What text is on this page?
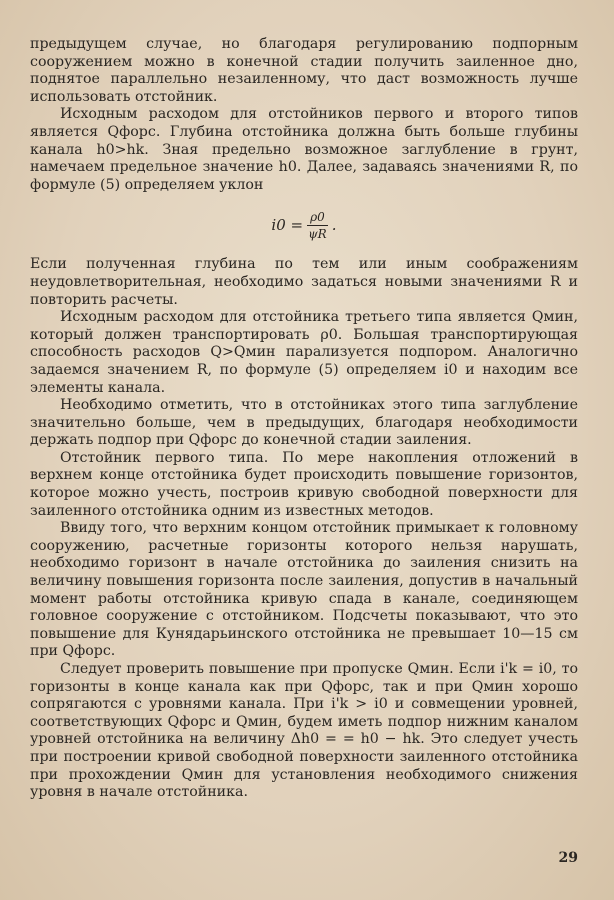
предыдущем случае, но благодаря регулированию подпорным сооружением можно в конечной стадии получить заиленное дно, поднятое параллельно незаиленному, что даст возможность лучше использовать отстойник.

Исходным расходом для отстойников первого и второго типов является Qфорс. Глубина отстойника должна быть больше глубины канала h0>hk. Зная предельно возможное заглубление в грунт, намечаем предельное значение h0. Далее, задаваясь значениями R, по формуле (5) определяем уклон

$i0 = \frac{\rho 0}{\psi R}$ .

Если полученная глубина по тем или иным соображениям неудовлетворительная, необходимо задаться новыми значениями R и повторить расчеты.

Исходным расходом для отстойника третьего типа является Qмин, который должен транспортировать ρ0. Большая транспортирующая способность расходов Q>Qмин парализуется подпором. Аналогично задаемся значением R, по формуле (5) определяем i0 и находим все элементы канала.

Необходимо отметить, что в отстойниках этого типа заглубление значительно больше, чем в предыдущих, благодаря необходимости держать подпор при Qфорс до конечной стадии заиления.

Отстойник первого типа. По мере накопления отложений в верхнем конце отстойника будет происходить повышение горизонтов, которое можно учесть, построив кривую свободной поверхности для заиленного отстойника одним из известных методов.

Ввиду того, что верхним концом отстойник примыкает к головному сооружению, расчетные горизонты которого нельзя нарушать, необходимо горизонт в начале отстойника до заиления снизить на величину повышения горизонта после заиления, допустив в начальный момент работы отстойника кривую спада в канале, соединяющем головное сооружение с отстойником. Подсчеты показывают, что это повышение для Кунядарьинского отстойника не превышает 10—15 см при Qфорс.

Следует проверить повышение при пропуске Qмин. Если i'k = i0, то горизонты в конце канала как при Qфорс, так и при Qмин хорошо сопрягаются с уровнями канала. При i'k > i0 и совмещении уровней, соответствующих Qфорс и Qмин, будем иметь подпор нижним каналом уровней отстойника на величину Δh0 = = h0 − hk. Это следует учесть при построении кривой свободной поверхности заиленного отстойника при прохождении Qмин для установления необходимого снижения уровня в начале отстойника.

29
